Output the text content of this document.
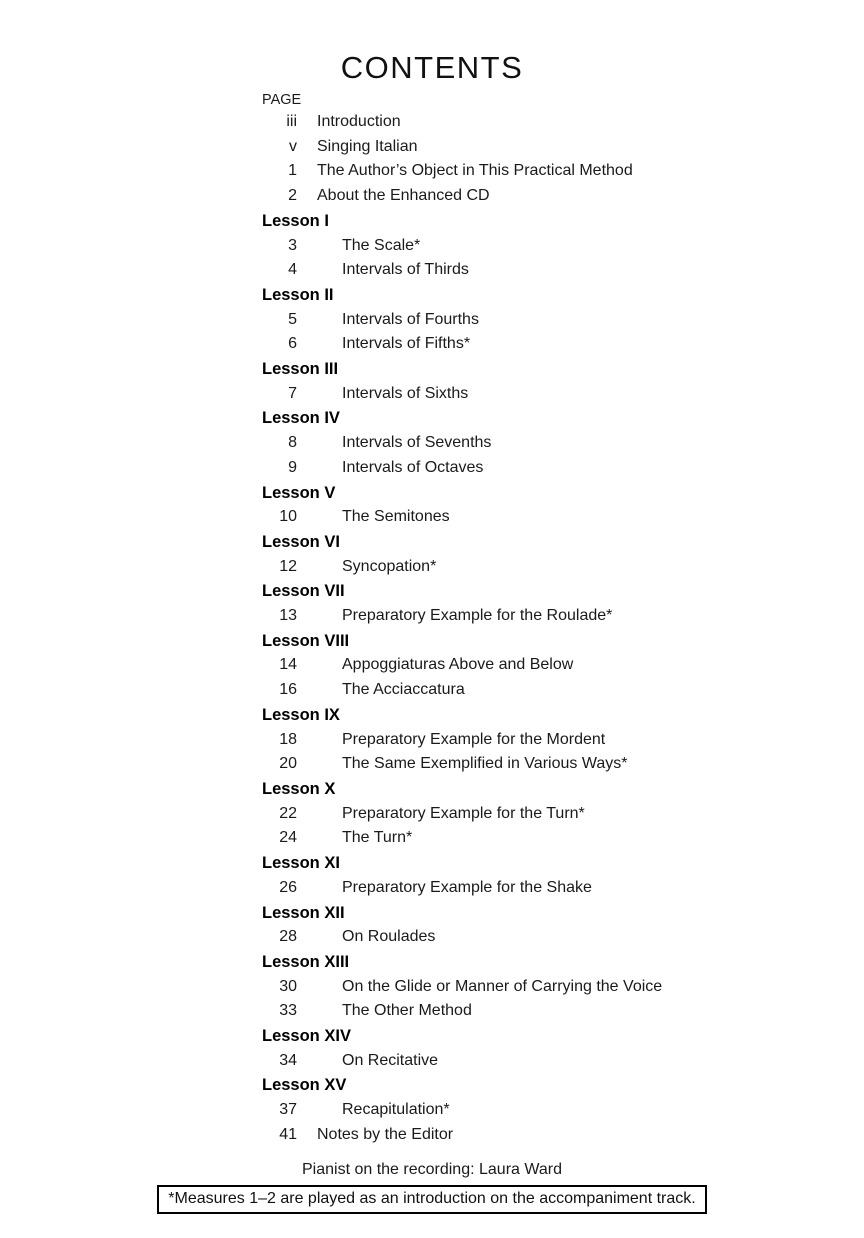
CONTENTS
PAGE
iii	Introduction
v	Singing Italian
1	The Author’s Object in This Practical Method
2	About the Enhanced CD
Lesson I
3	The Scale*
4	Intervals of Thirds
Lesson II
5	Intervals of Fourths
6	Intervals of Fifths*
Lesson III
7	Intervals of Sixths
Lesson IV
8	Intervals of Sevenths
9	Intervals of Octaves
Lesson V
10	The Semitones
Lesson VI
12	Syncopation*
Lesson VII
13	Preparatory Example for the Roulade*
Lesson VIII
14	Appoggiaturas Above and Below
16	The Acciaccatura
Lesson IX
18	Preparatory Example for the Mordent
20	The Same Exemplified in Various Ways*
Lesson X
22	Preparatory Example for the Turn*
24	The Turn*
Lesson XI
26	Preparatory Example for the Shake
Lesson XII
28	On Roulades
Lesson XIII
30	On the Glide or Manner of Carrying the Voice
33	The Other Method
Lesson XIV
34	On Recitative
Lesson XV
37	Recapitulation*
41	Notes by the Editor
Pianist on the recording: Laura Ward
*Measures 1–2 are played as an introduction on the accompaniment track.
